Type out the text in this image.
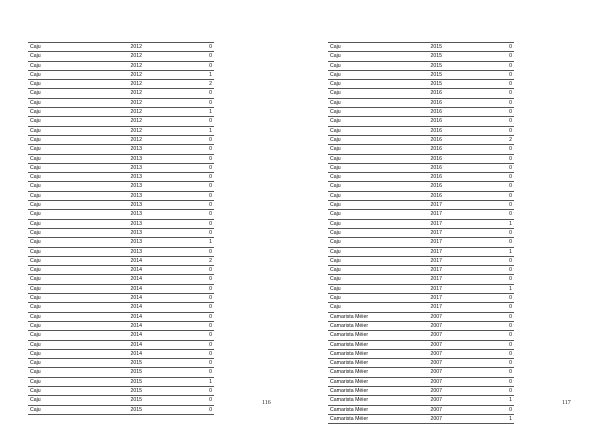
Caju	2012	0
Caju	2012	0
Caju	2012	0
Caju	2012	1
Caju	2012	2
Caju	2012	0
Caju	2012	0
Caju	2012	1
Caju	2012	0
Caju	2012	1
Caju	2012	0
Caju	2013	0
Caju	2013	0
Caju	2013	0
Caju	2013	0
Caju	2013	0
Caju	2013	0
Caju	2013	0
Caju	2013	0
Caju	2013	0
Caju	2013	0
Caju	2013	1
Caju	2013	0
Caju	2014	2
Caju	2014	0
Caju	2014	0
Caju	2014	0
Caju	2014	0
Caju	2014	0
Caju	2014	0
Caju	2014	0
Caju	2014	0
Caju	2014	0
Caju	2014	0
Caju	2015	0
Caju	2015	0
Caju	2015	1
Caju	2015	0
Caju	2015	0
Caju	2015	0
116
Caju	2015	0
Caju	2015	0
Caju	2015	0
Caju	2015	0
Caju	2015	0
Caju	2016	0
Caju	2016	0
Caju	2016	0
Caju	2016	0
Caju	2016	0
Caju	2016	2
Caju	2016	0
Caju	2016	0
Caju	2016	0
Caju	2016	0
Caju	2016	0
Caju	2016	0
Caju	2017	0
Caju	2017	0
Caju	2017	1
Caju	2017	0
Caju	2017	0
Caju	2017	1
Caju	2017	0
Caju	2017	0
Caju	2017	0
Caju	2017	1
Caju	2017	0
Caju	2017	0
Camarista Méier	2007	0
Camarista Méier	2007	0
Camarista Méier	2007	0
Camarista Méier	2007	0
Camarista Méier	2007	0
Camarista Méier	2007	0
Camarista Méier	2007	0
Camarista Méier	2007	0
Camarista Méier	2007	0
Camarista Méier	2007	1
Camarista Méier	2007	0
Camarista Méier	2007	1
117
